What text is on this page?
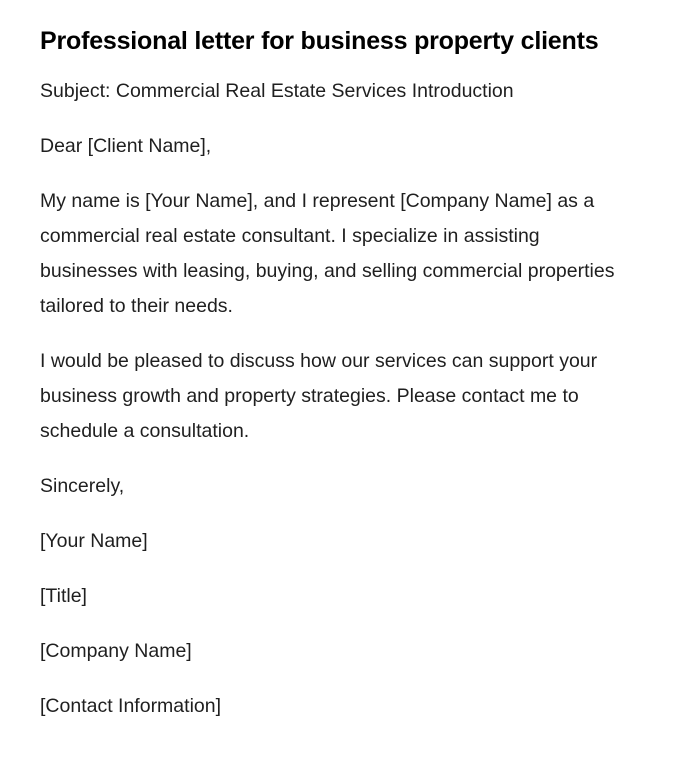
Professional letter for business property clients

Subject: Commercial Real Estate Services Introduction

Dear [Client Name],

My name is [Your Name], and I represent [Company Name] as a commercial real estate consultant. I specialize in assisting businesses with leasing, buying, and selling commercial properties tailored to their needs.

I would be pleased to discuss how our services can support your business growth and property strategies. Please contact me to schedule a consultation.

Sincerely,

[Your Name]

[Title]

[Company Name]

[Contact Information]
